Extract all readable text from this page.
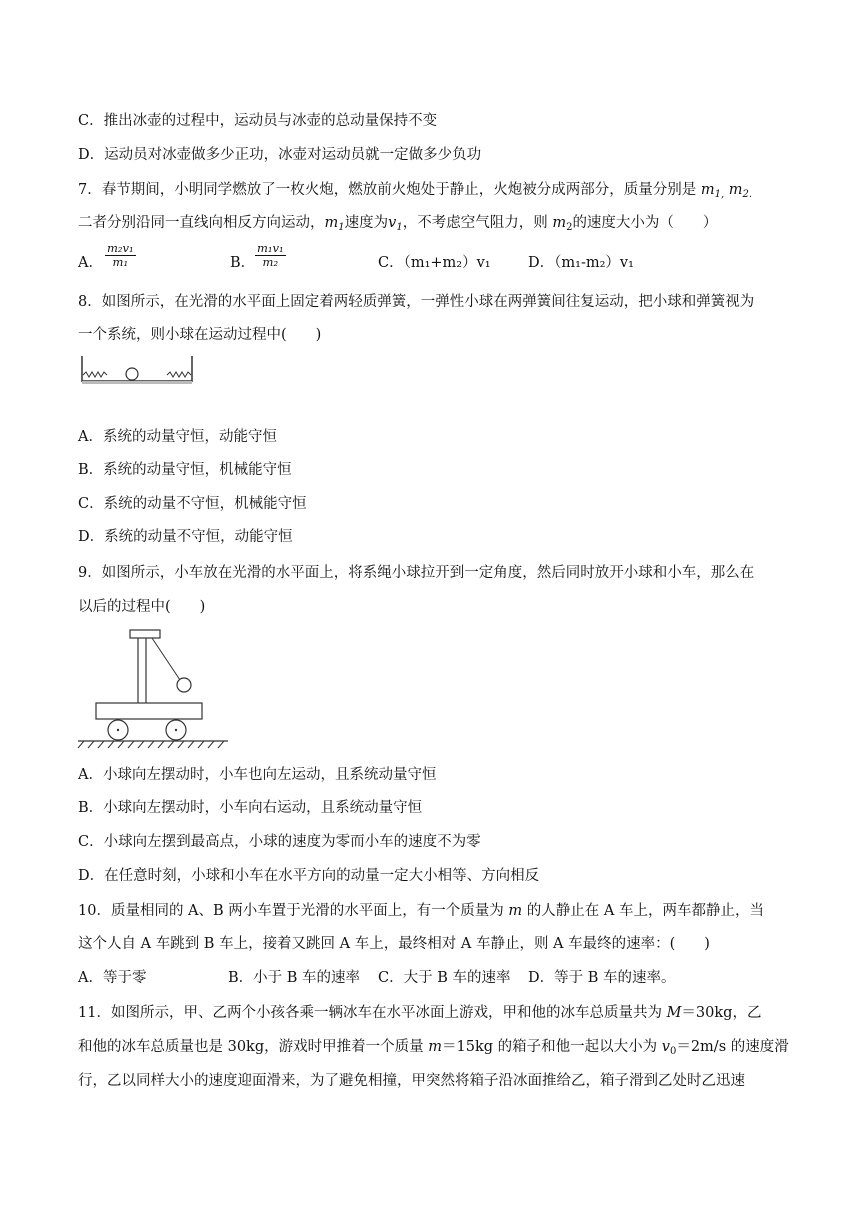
C．推出冰壶的过程中，运动员与冰壶的总动量保持不变
D．运动员对冰壶做多少正功，冰壶对运动员就一定做多少负功
7．春节期间，小明同学燃放了一枚火炮，燃放前火炮处于静止，火炮被分成两部分，质量分别是 $m_{1,}$ $m_{2.}$
二者分别沿同一直线向相反方向运动，$m_1$速度为$v_1$，不考虑空气阻力，则 $m_2$的速度大小为（　　）
A． $\frac{\text{m₂v₁}}{\text{m₁}}$	B． $\frac{\text{m₁v₁}}{\text{m₂}}$	C．（m₁+m₂）v₁	D．（m₁-m₂）v₁
8．如图所示，在光滑的水平面上固定着两轻质弹簧，一弹性小球在两弹簧间往复运动，把小球和弹簧视为
一个系统，则小球在运动过程中(　　)
A．系统的动量守恒，动能守恒
B．系统的动量守恒，机械能守恒
C．系统的动量不守恒，机械能守恒
D．系统的动量不守恒，动能守恒
9．如图所示，小车放在光滑的水平面上，将系绳小球拉开到一定角度，然后同时放开小球和小车，那么在
以后的过程中(　　)
A．小球向左摆动时，小车也向左运动，且系统动量守恒
B．小球向左摆动时，小车向右运动，且系统动量守恒
C．小球向左摆到最高点，小球的速度为零而小车的速度不为零
D．在任意时刻，小球和小车在水平方向的动量一定大小相等、方向相反
10．质量相同的 A、B 两小车置于光滑的水平面上，有一个质量为 m 的人静止在 A 车上，两车都静止，当
这个人自 A 车跳到 B 车上，接着又跳回 A 车上，最终相对 A 车静止，则 A 车最终的速率：(　　)
A．等于零	B．小于 B 车的速率 C．大于 B 车的速率 D．等于 B 车的速率。
11．如图所示，甲、乙两个小孩各乘一辆冰车在水平冰面上游戏，甲和他的冰车总质量共为 M＝30kg，乙
和他的冰车总质量也是 30kg，游戏时甲推着一个质量 m＝15kg 的箱子和他一起以大小为 $v_0=2m/s$ 的速度滑
行，乙以同样大小的速度迎面滑来，为了避免相撞，甲突然将箱子沿冰面推给乙，箱子滑到乙处时乙迅速
